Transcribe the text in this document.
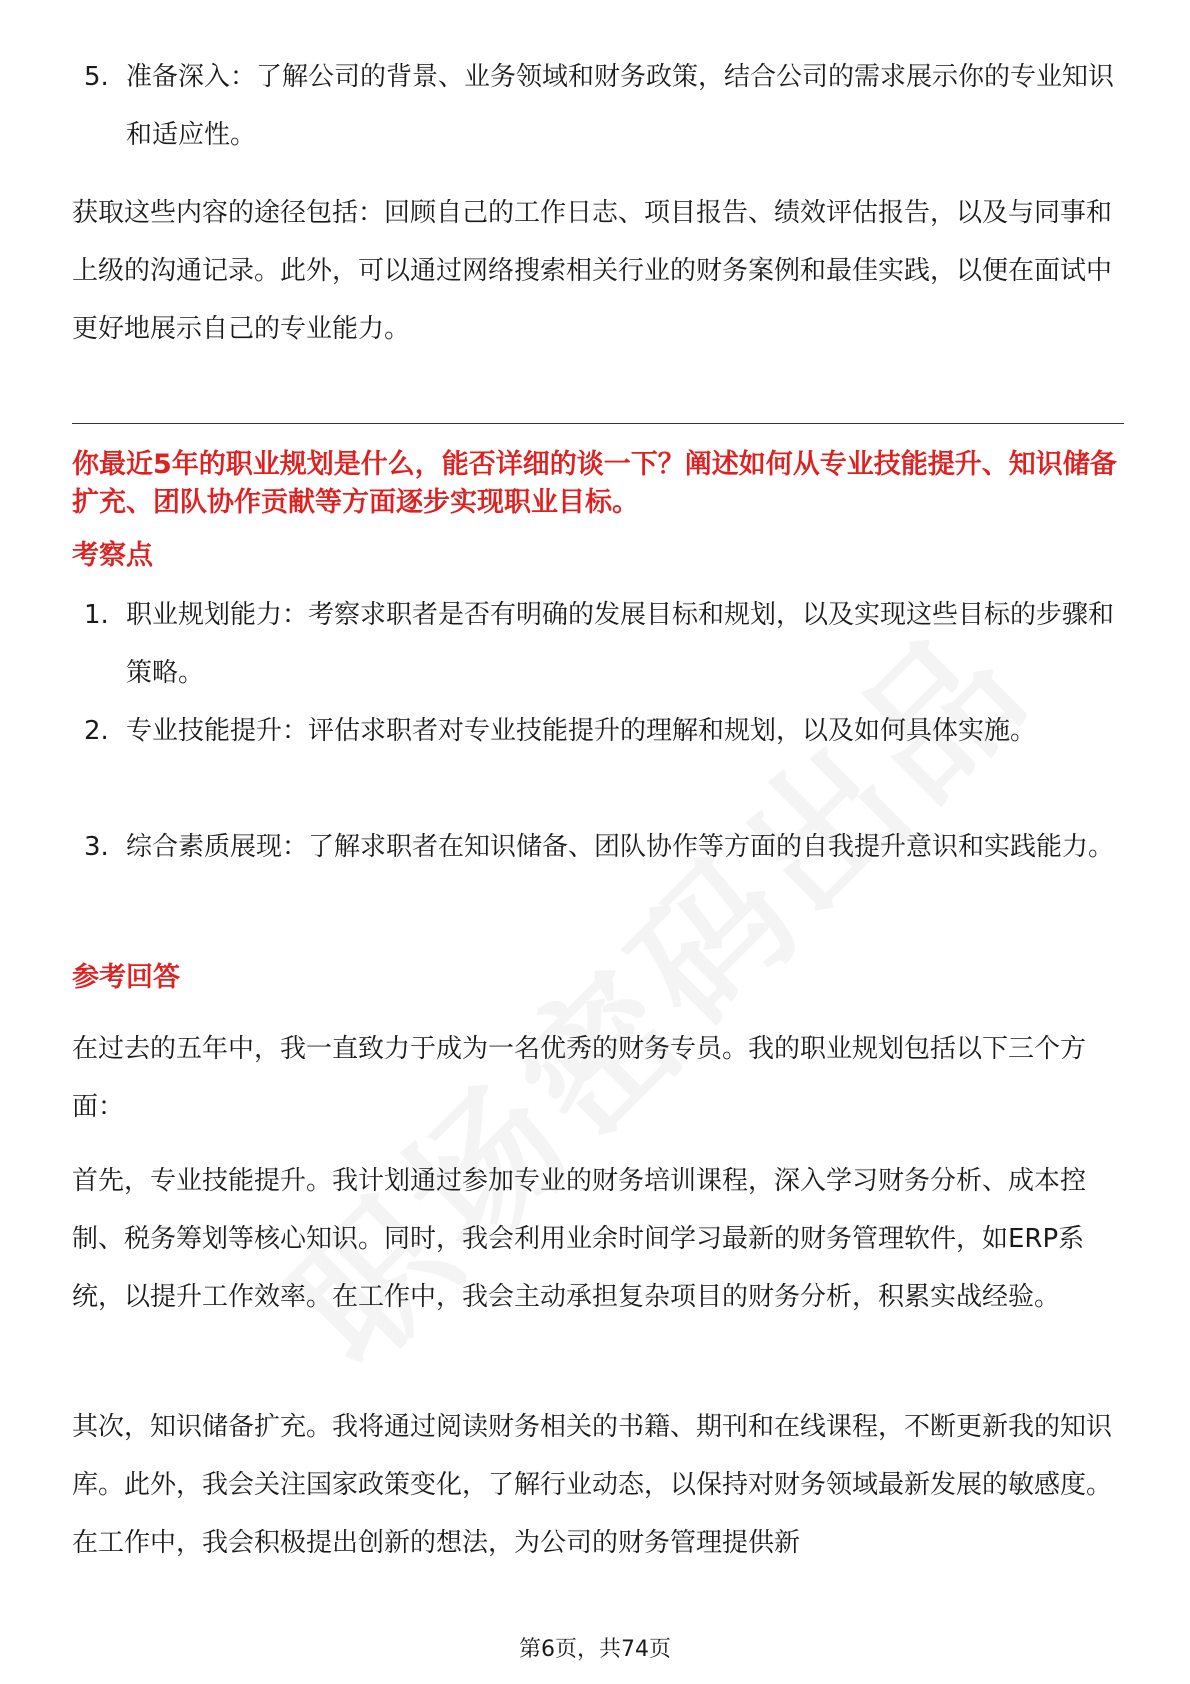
5. 准备深入：了解公司的背景、业务领域和财务政策，结合公司的需求展示你的专业知识和适应性。

获取这些内容的途径包括：回顾自己的工作日志、项目报告、绩效评估报告，以及与同事和上级的沟通记录。此外，可以通过网络搜索相关行业的财务案例和最佳实践，以便在面试中更好地展示自己的专业能力。

你最近5年的职业规划是什么，能否详细的谈一下？阐述如何从专业技能提升、知识储备扩充、团队协作贡献等方面逐步实现职业目标。

考察点
1. 职业规划能力：考察求职者是否有明确的发展目标和规划，以及实现这些目标的步骤和策略。
2. 专业技能提升：评估求职者对专业技能提升的理解和规划，以及如何具体实施。
3. 综合素质展现：了解求职者在知识储备、团队协作等方面的自我提升意识和实践能力。
参考回答

在过去的五年中，我一直致力于成为一名优秀的财务专员。我的职业规划包括以下三个方面：

首先，专业技能提升。我计划通过参加专业的财务培训课程，深入学习财务分析、成本控制、税务筹划等核心知识。同时，我会利用业余时间学习最新的财务管理软件，如ERP系统，以提升工作效率。在工作中，我会主动承担复杂项目的财务分析，积累实战经验。

其次，知识储备扩充。我将通过阅读财务相关的书籍、期刊和在线课程，不断更新我的知识库。此外，我会关注国家政策变化，了解行业动态，以保持对财务领域最新发展的敏感度。在工作中，我会积极提出创新的想法，为公司的财务管理提供新

第6页，共74页
